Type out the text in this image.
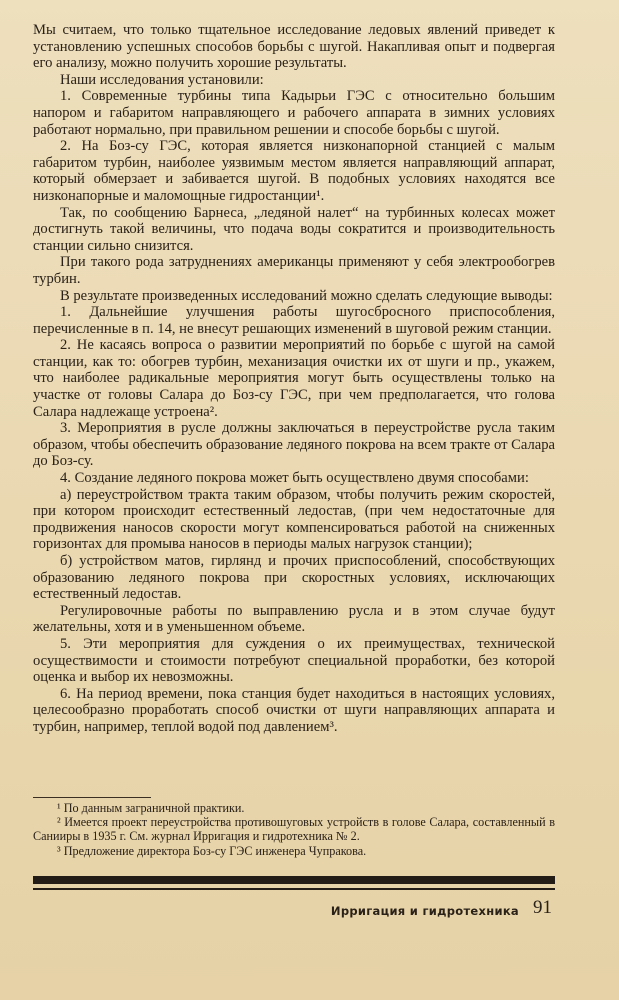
Мы считаем, что только тщательное исследование ледовых явлений приведет к установлению успешных способов борьбы с шугой. Накапливая опыт и подвергая его анализу, можно получить хорошие результаты.

Наши исследования установили:

1. Современные турбины типа Кадырьи ГЭС с относительно большим напором и габаритом направляющего и рабочего аппарата в зимних условиях работают нормально, при правильном решении и способе борьбы с шугой.

2. На Боз-су ГЭС, которая является низконапорной станцией с малым габаритом турбин, наиболее уязвимым местом является направляющий аппарат, который обмерзает и забивается шугой. В подобных условиях находятся все низконапорные и маломощные гидростанции¹.

Так, по сообщению Барнеса, „ледяной налет“ на турбинных колесах может достигнуть такой величины, что подача воды сократится и производительность станции сильно снизится.

При такого рода затруднениях американцы применяют у себя электрообогрев турбин.

В результате произведенных исследований можно сделать следующие выводы:

1. Дальнейшие улучшения работы шугосбросного приспособления, перечисленные в п. 14, не внесут решающих изменений в шуговой режим станции.

2. Не касаясь вопроса о развитии мероприятий по борьбе с шугой на самой станции, как то: обогрев турбин, механизация очистки их от шуги и пр., укажем, что наиболее радикальные мероприятия могут быть осуществлены только на участке от головы Салара до Боз-су ГЭС, при чем предполагается, что голова Салара надлежаще устроена².

3. Мероприятия в русле должны заключаться в переустройстве русла таким образом, чтобы обеспечить образование ледяного покрова на всем тракте от Салара до Боз-су.

4. Создание ледяного покрова может быть осуществлено двумя способами:

а) переустройством тракта таким образом, чтобы получить режим скоростей, при котором происходит естественный ледостав, (при чем недостаточные для продвижения наносов скорости могут компенсироваться работой на сниженных горизонтах для промыва наносов в периоды малых нагрузок станции);

б) устройством матов, гирлянд и прочих приспособлений, способствующих образованию ледяного покрова при скоростных условиях, исключающих естественный ледостав.

Регулировочные работы по выправлению русла и в этом случае будут желательны, хотя и в уменьшенном объеме.

5. Эти мероприятия для суждения о их преимуществах, технической осуществимости и стоимости потребуют специальной проработки, без которой оценка и выбор их невозможны.

6. На период времени, пока станция будет находиться в настоящих условиях, целесообразно проработать способ очистки от шуги направляющих аппарата и турбин, например, теплой водой под давлением³.

¹ По данным заграничной практики.

² Имеется проект переустройства противошуговых устройств в голове Салара, составленный в Санииры в 1935 г. См. журнал Ирригация и гидротехника № 2.

³ Предложение директора Боз-су ГЭС инженера Чупракова.

Ирригация и гидротехника 91
